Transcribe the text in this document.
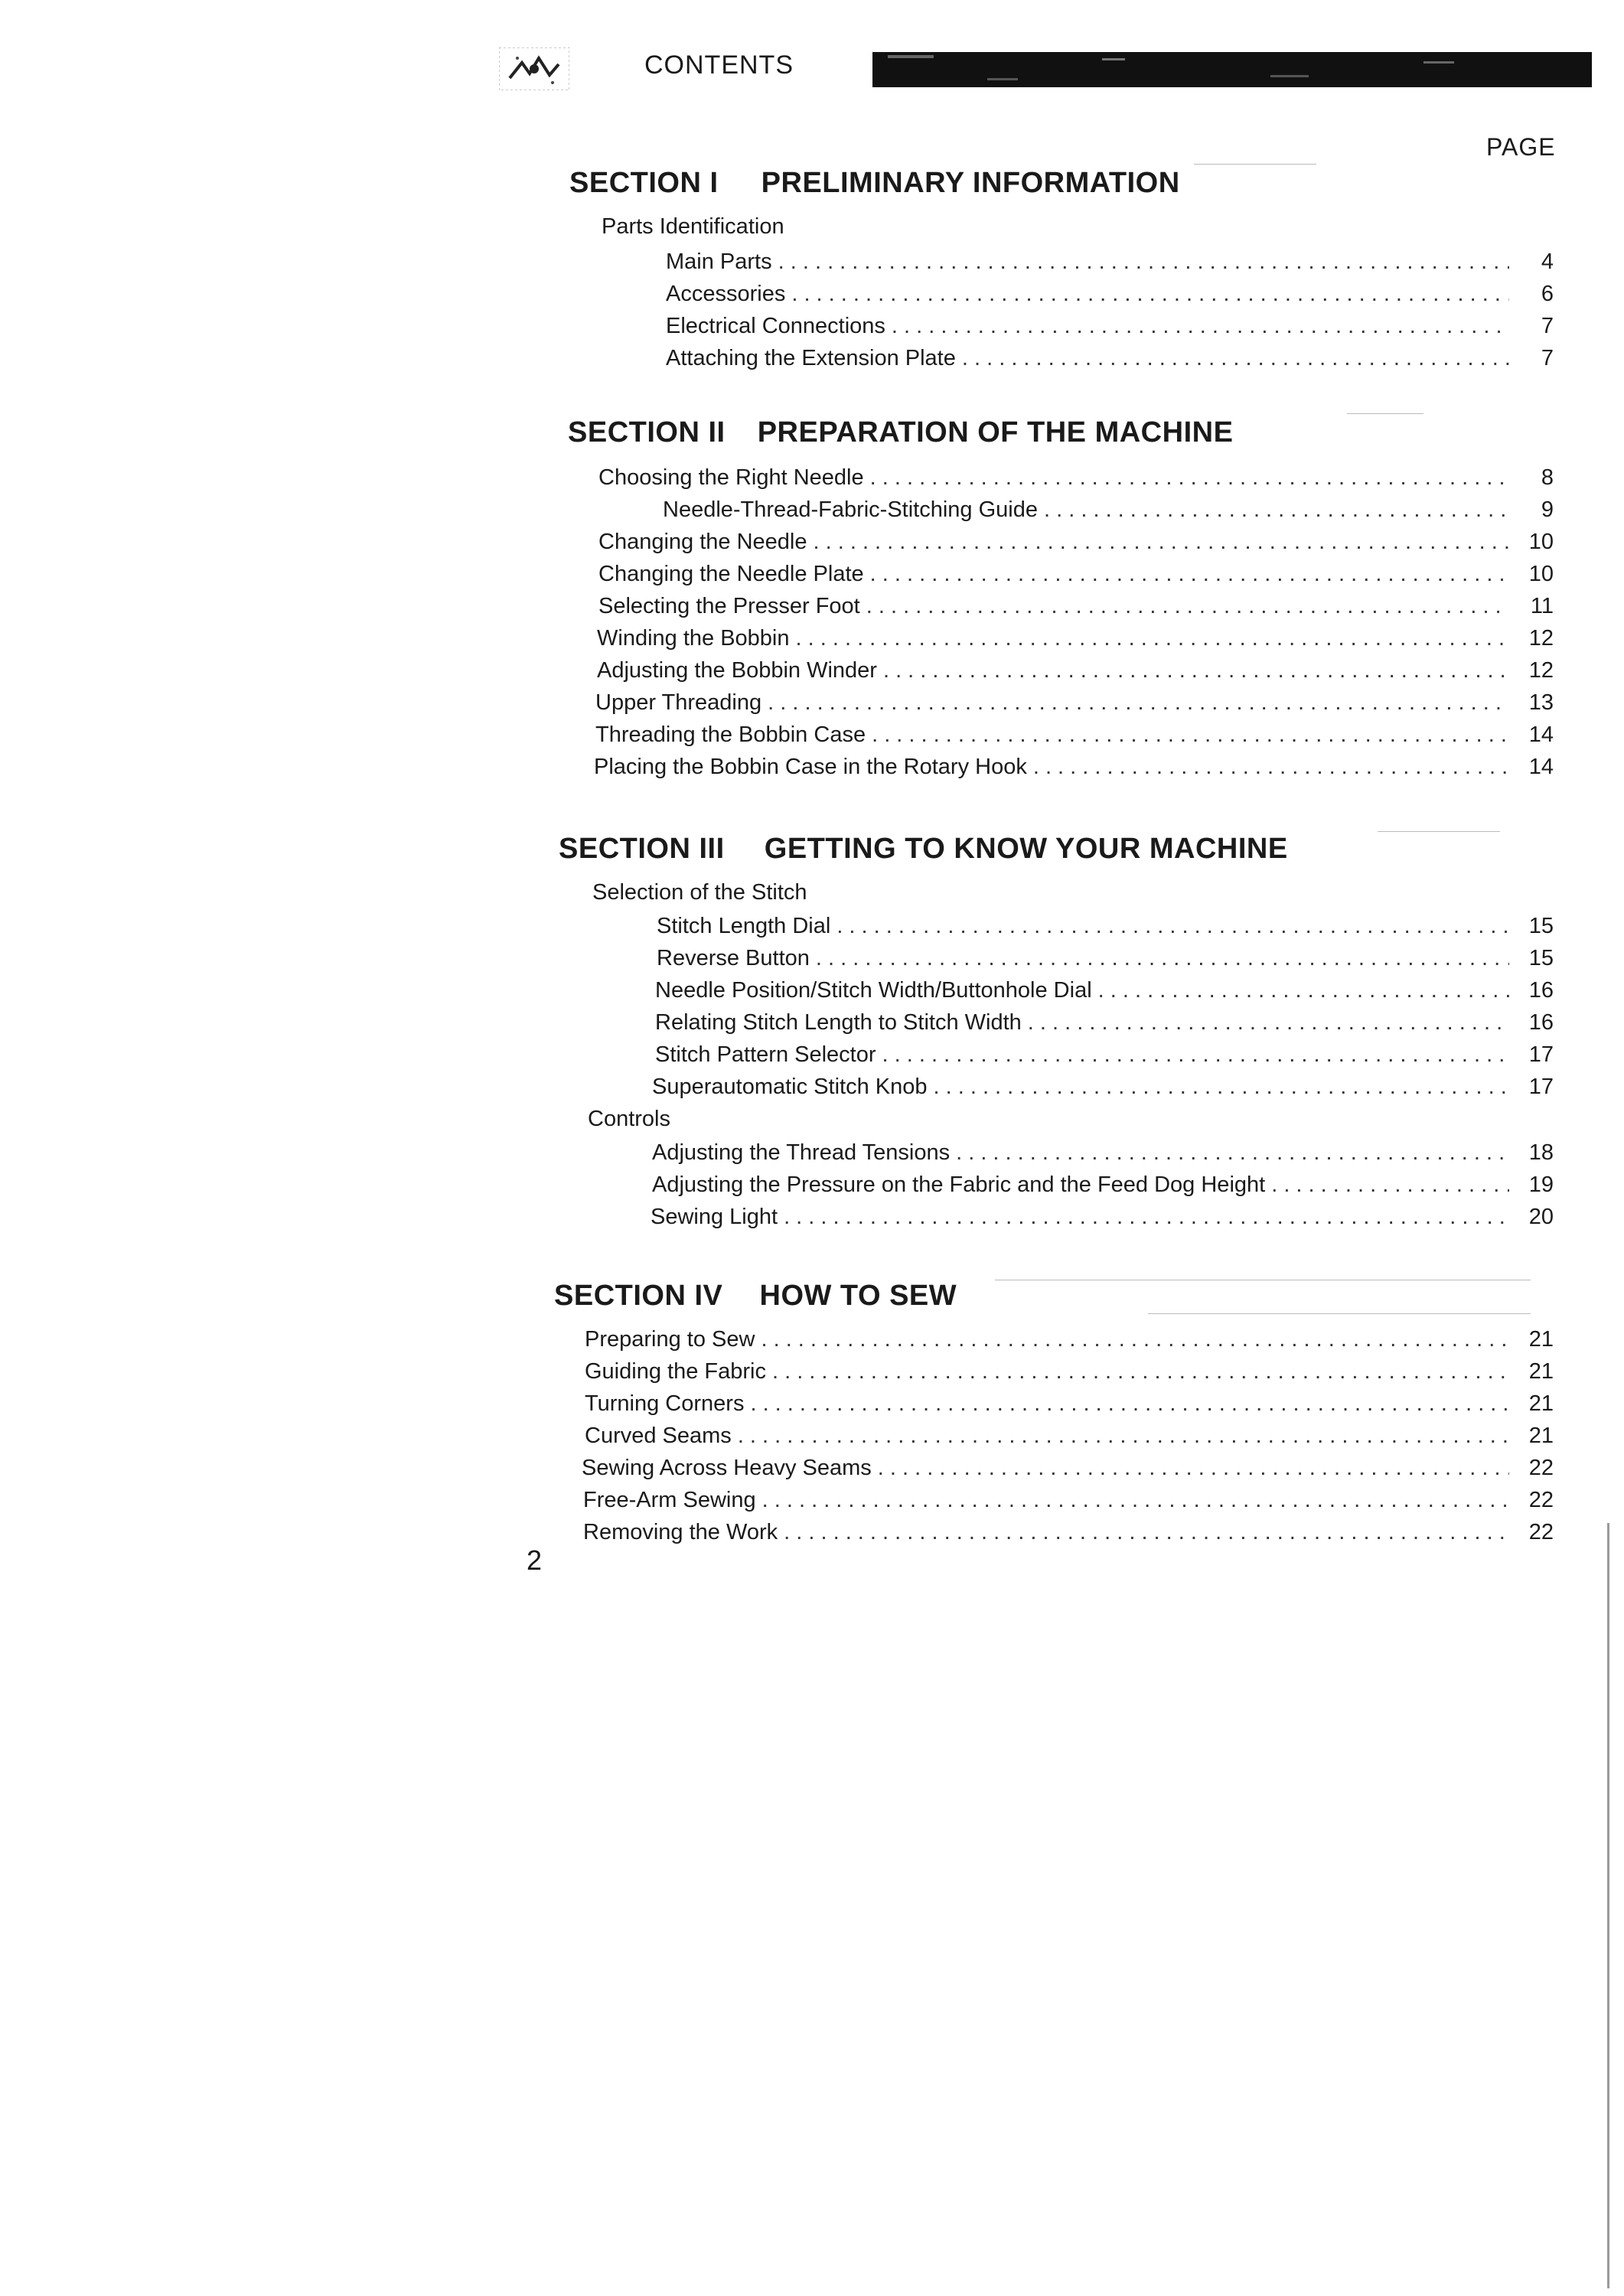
CONTENTS
PAGE
SECTION I PRELIMINARY INFORMATION
Parts Identification
Main Parts . . .	4
Accessories . . .	6
Electrical Connections . . .	7
Attaching the Extension Plate . . .	7
SECTION II PREPARATION OF THE MACHINE
Choosing the Right Needle . . .	8
Needle-Thread-Fabric-Stitching Guide . . .	9
Changing the Needle . . .	10
Changing the Needle Plate . . .	10
Selecting the Presser Foot . . .	11
Winding the Bobbin . . .	12
Adjusting the Bobbin Winder . . .	12
Upper Threading . . .	13
Threading the Bobbin Case . . .	14
Placing the Bobbin Case in the Rotary Hook . . .	14
SECTION III GETTING TO KNOW YOUR MACHINE
Selection of the Stitch
Stitch Length Dial . . .	15
Reverse Button . . .	15
Needle Position/Stitch Width/Buttonhole Dial . . .	16
Relating Stitch Length to Stitch Width . . .	16
Stitch Pattern Selector . . .	17
Superautomatic Stitch Knob . . .	17
Controls
Adjusting the Thread Tensions . . .	18
Adjusting the Pressure on the Fabric and the Feed Dog Height . . .	19
Sewing Light . . .	20
SECTION IV HOW TO SEW
Preparing to Sew . . .	21
Guiding the Fabric . . .	21
Turning Corners . . .	21
Curved Seams . . .	21
Sewing Across Heavy Seams . . .	22
Free-Arm Sewing . . .	22
Removing the Work . . .	22
2
